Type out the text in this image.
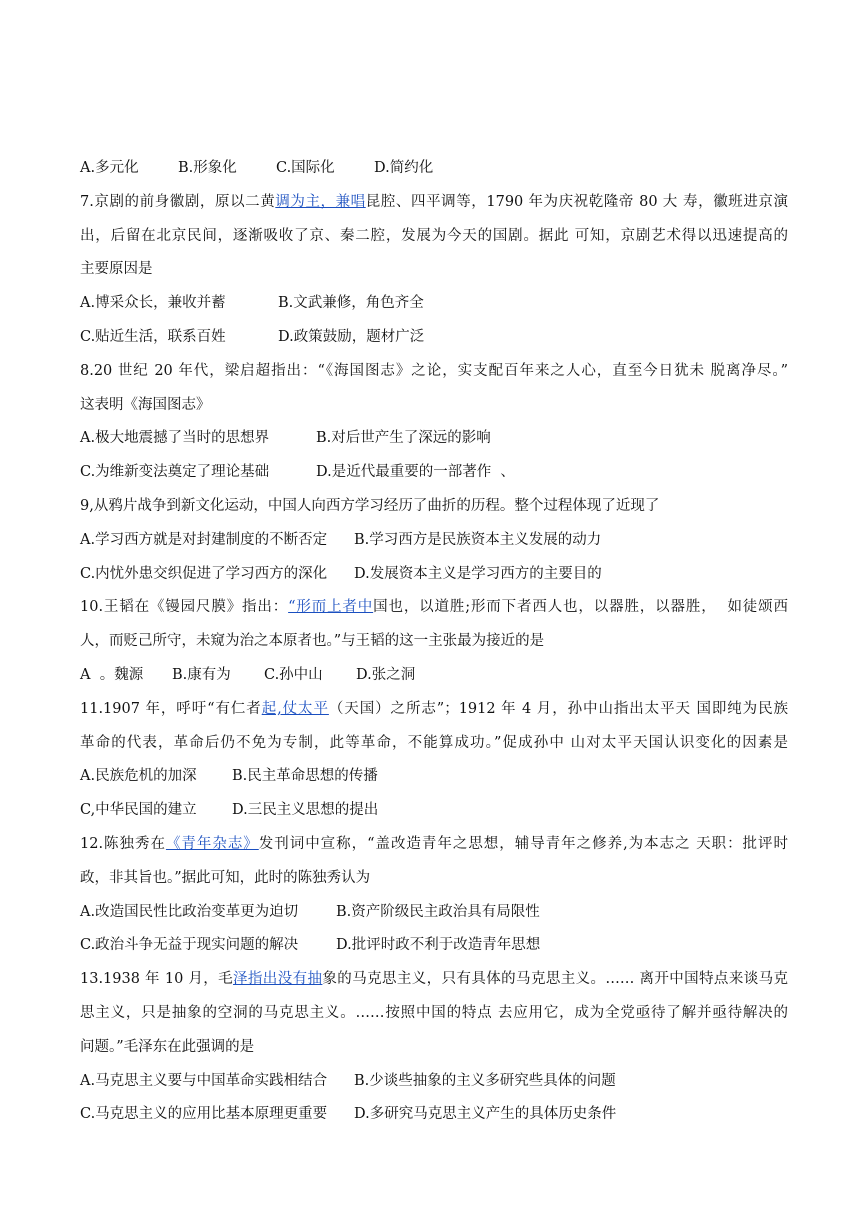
A.多元化	B.形象化	C.国际化	D.简约化
7.京剧的前身徽剧，原以二黄调为主，兼唱昆腔、四平调等，1790 年为庆祝乾隆帝 80 大 寿，徽班进京演
出，后留在北京民间，逐渐吸收了京、秦二腔，发展为今天的国剧。据此 可知，京剧艺术得以迅速提高的
主要原因是
A.博采众长，兼收并蓄	B.文武兼修，角色齐全
C.贴近生活，联系百姓	D.政策鼓励，题材广泛
8.20 世纪 20 年代，梁启超指出：“《海国图志》之论，实支配百年来之人心，直至今日犹未 脱离净尽。”
这表明《海国图志》
A.极大地震撼了当时的思想界	B.对后世产生了深远的影响
C.为维新变法奠定了理论基础	D.是近代最重要的一部著作  、
9,从鸦片战争到新文化运动，中国人向西方学习经历了曲折的历程。整个过程体现了近现了
A.学习西方就是对封建制度的不断否定 B.学习西方是民族资本主义发展的动力
C.内忧外患交织促进了学习西方的深化 D.发展资本主义是学习西方的主要目的
10.王韬在《镘园尺膜》指出：“形而上者中国也，以道胜;形而下者西人也，以器胜，以器胜，  如徒颂西
人，而贬己所守，未窥为治之本原者也。”与王韬的这一主张最为接近的是
A  。魏源 B.康有为 C.孙中山 D.张之洞
11.1907 年，呼吁“有仁者起,仗太平（天国）之所志”；1912 年 4 月，孙中山指出太平天 国即纯为民族
革命的代表，革命后仍不免为专制，此等革命，不能算成功。”促成孙中 山对太平天国认识变化的因素是
A.民族危机的加深 B.民主革命思想的传播
C,中华民国的建立 D.三民主义思想的提出
12.陈独秀在《青年杂志》发刊词中宣称，“盖改造青年之思想，辅导青年之修养,为本志之 天职：批评时
政，非其旨也。”据此可知，此时的陈独秀认为
A.改造国民性比政治变革更为迫切	B.资产阶级民主政治具有局限性
C.政治斗争无益于现实问题的解决	D.批评时政不利于改造青年思想
13.1938 年 10 月，毛泽指出没有抽象的马克思主义，只有具体的马克思主义。…… 离开中国特点来谈马克
思主义，只是抽象的空洞的马克思主义。……按照中国的特点 去应用它，成为全党亟待了解并亟待解决的
问题。”毛泽东在此强调的是
A.马克思主义要与中国革命实践相结合 B.少谈些抽象的主义多研究些具体的问题
C.马克思主义的应用比基本原理更重要 D.多研究马克思主义产生的具体历史条件
